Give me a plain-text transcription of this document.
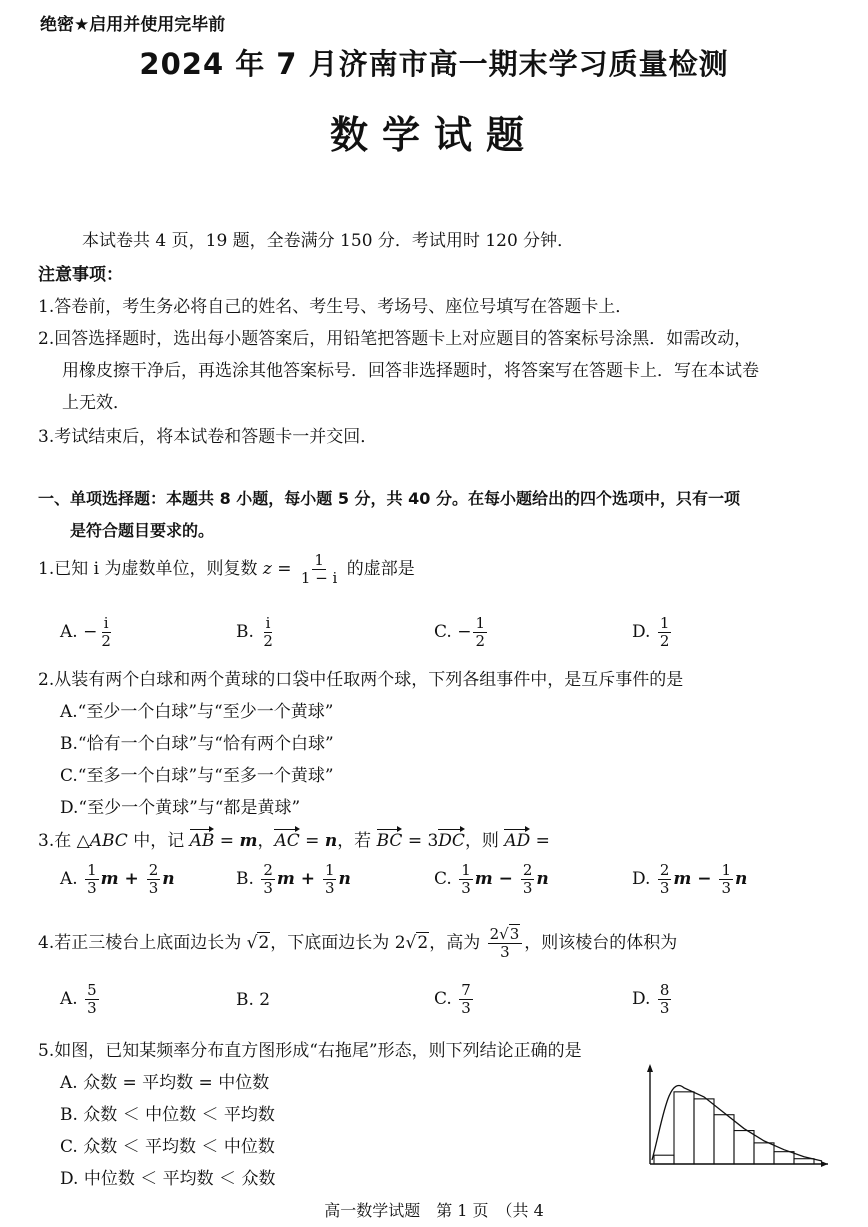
绝密★启用并使用完毕前
2024 年 7 月济南市高一期末学习质量检测
数学试题
本试卷共 4 页，19 题，全卷满分 150 分．考试用时 120 分钟．
注意事项：
1.答卷前，考生务必将自己的姓名、考生号、考场号、座位号填写在答题卡上．
2.回答选择题时，选出每小题答案后，用铅笔把答题卡上对应题目的答案标号涂黑．如需改动，
用橡皮擦干净后，再选涂其他答案标号．回答非选择题时，将答案写在答题卡上．写在本试卷
上无效．
3.考试结束后，将本试卷和答题卡一并交回．
一、单项选择题：本题共 8 小题，每小题 5 分，共 40 分。在每小题给出的四个选项中，只有一项
是符合题目要求的。
1.已知 i 为虚数单位，则复数 $z = \frac{1}{1 - i}$ 的虚部是
A. − $\frac{i}{2}$	B. $\frac{i}{2}$	C. − $\frac{1}{2}$	D. $\frac{1}{2}$
2.从装有两个白球和两个黄球的口袋中任取两个球，下列各组事件中，是互斥事件的是
A.“至少一个白球”与“至少一个黄球”
B.“恰有一个白球”与“恰有两个白球”
C.“至多一个白球”与“至多一个黄球”
D.“至少一个黄球”与“都是黄球”
3.在 △ABC 中，记 AB = m，AC = n，若 BC = 3DC，则 AD =
A. $\frac{1}{3}$ $m + \frac{2}{3}$ n	B. $\frac{2}{3}$ $m + \frac{1}{3}$ n	C. $\frac{1}{3}$ $m - \frac{2}{3}$ n	D. $\frac{2}{3}$ $m - \frac{1}{3}$ n
4.若正三棱台上底面边长为 √2，下底面边长为 2√2，高为 $\frac{2√3}{3}$ ，则该棱台的体积为
A. $\frac{5}{3}$	B. 2	C. $\frac{7}{3}$	D. $\frac{8}{3}$
5.如图，已知某频率分布直方图形成“右拖尾”形态，则下列结论正确的是
A. 众数 = 平均数 = 中位数
B. 众数 ＜ 中位数 ＜ 平均数
C. 众数 ＜ 平均数 ＜ 中位数
D. 中位数 ＜ 平均数 ＜ 众数
高一数学试题　第 1 页　（共 4
